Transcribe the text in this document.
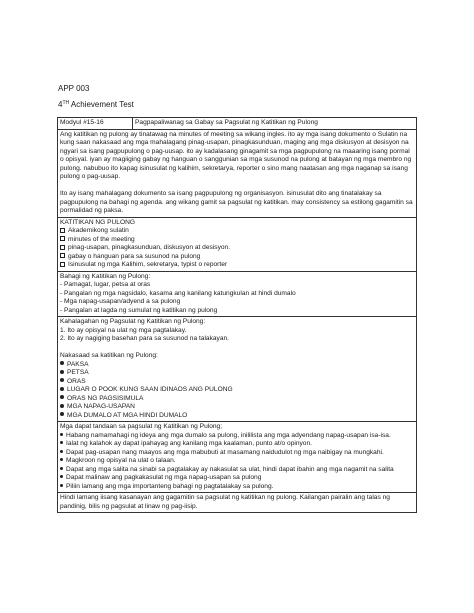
APP 003
4TH Achievement Test
Modyul #15-16	Pagpapaliwanag sa Gabay sa Pagsulat ng Katitikan ng Pulong

Ang katitikan ng pulong ay tinatawag na minutes of meeting sa wikang ingles. ito ay mga isang dokumento o Sulatin na kung saan nakasaad ang mga mahalagang pinag-usapan, pinagkasunduan, maging ang mga diskusyon at desisyon na ngyari sa isang pagpupulong o pag-uusap. ito ay kadalasang ginagamit sa mga pagpupulong na maaaring isang pormal o opisyal. iyan ay magiiging gabay ng hanguan o sanggunian sa mga susunod na pulong at batayan ng mga membro ng pulong. nabubuo ito kapag isinusulat ng kalihim, sekretarya, reporter o sino mang naatasan ang mga naganap sa isang pulong o pag-uusap.

Ito ay isang mahalagang dokumento sa isang pagpupulong ng organisasyon. isinusulat dito ang tinatalakay sa pagpupulong na bahagi ng agenda. ang wikang gamit sa pagsulat ng katitikan. may consistency sa estilong gagamitin sa pormalidad ng paksa.

KATITIKAN NG PULONG
Akademikong sulatin
minutes of the meeting
pinag-usapan, pinagkasunduan, diskusyon at desisyon.
gabay o hanguan para sa susunod na pulong
Isinusulat ng mga Kalihim, sekretarya, typist o reporter

Bahagi ng Katitikan ng Pulong:
- Pamagat, lugar, petsa at oras
- Pangalan ng mga nagsidalo, kasama ang kanilang katungkulan at hindi dumalo
- Mga napag-usapan/adyend a sa pulong
- Pangalan at lagda ng sumulat ng katitikan ng pulong

Kahalagahan ng Pagsulat ng Katitikan ng Pulong:
1. Ito ay opisyal na ulat ng mga pagtalakay.
2. Ito ay nagiging basehan para sa susunod na talakayan.
Nakasaad sa katitikan ng Pulong:
PAKSA
PETSA
ORAS
LUGAR O POOK KUNG SAAN IDINAOS ANG PULONG
ORAS NG PAGSISIMULA
MGA NAPAG-USAPAN
MGA DUMALO AT MGA HINDI DUMALO

Mga dapat tandaan sa pagsulat ng Katitikan ng Pulong;
Habang namamahagi ng ideya ang mga dumalo sa pulong, inililista ang mga adyendang napag-usapan isa-isa.
Ialat ng kalahok ay dapat ipahayag ang kanilang mga kaalaman, punto at/o opinyon.
Dapat pag-usapan nang maayos ang mga mabubuti at masamang naidudulot ng mga naibigay na mungkahi.
Magkroon ng opisyal na ulat o talaan.
Dapat ang mga salita na sinabi sa pagtalakay ay nakasulat sa ulat, hindi dapat ibahin ang mga nagamit na salita
Dapat malinaw ang pagkakasulat ng mga napag-usapan sa pulong
Piliin lamang ang mga importanteng bahagi ng pagtatalakay sa pulong.

Hindi lamang iisang kasanayan ang gagamitin sa pagsulat ng katitikan ng pulong. Kailangan pairalin ang talas ng pandinig, bilis ng pagsulat at linaw ng pag-iisip.
